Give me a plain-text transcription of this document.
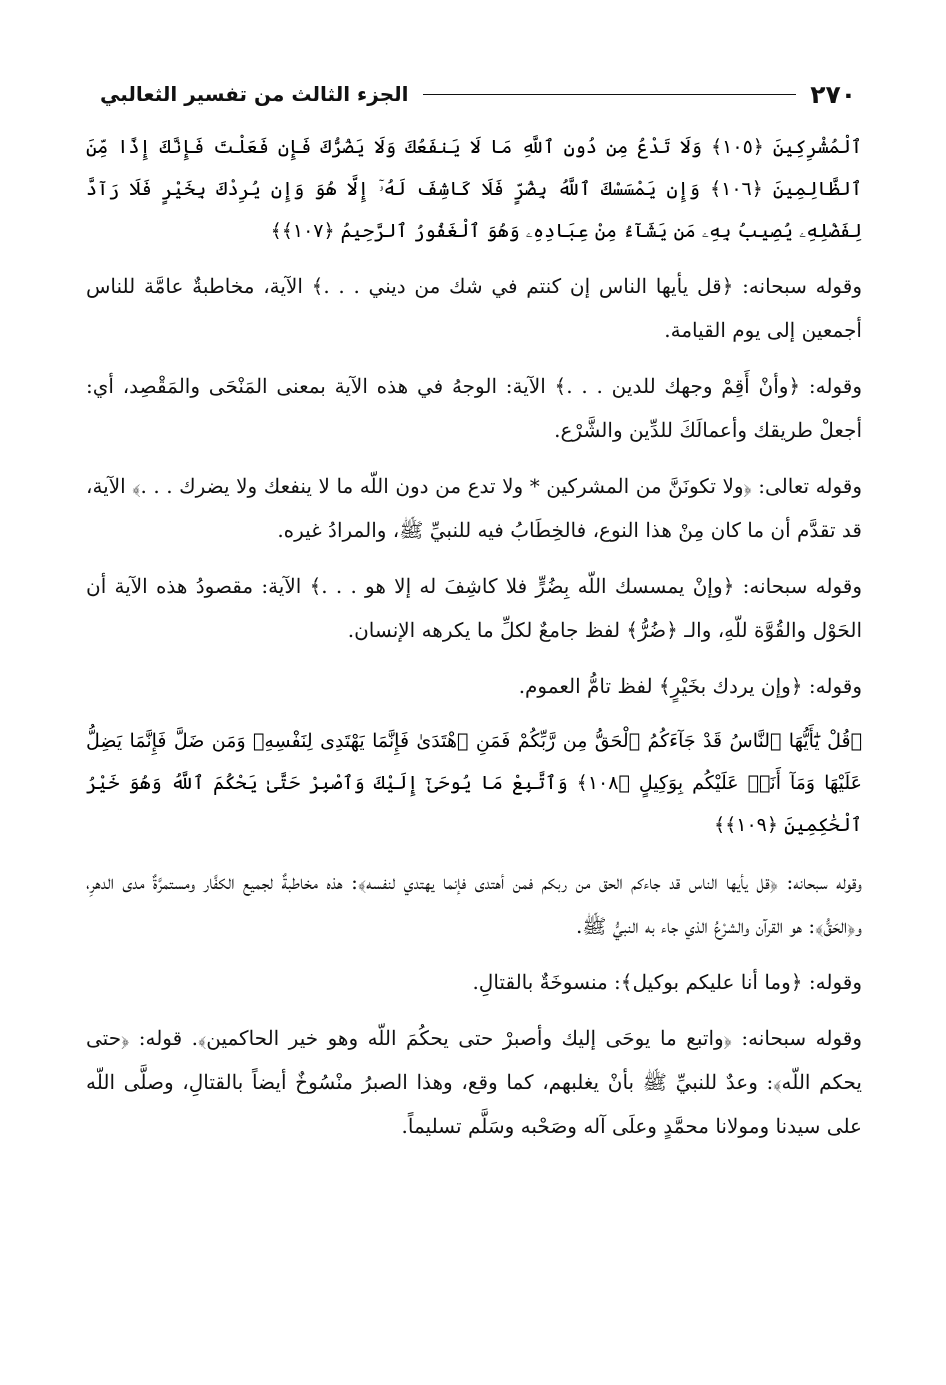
٢٧٠
الجزء الثالث من تفسير الثعالبي

ٱلْمُشْرِكِينَ ﴿١٠٥﴾ وَلَا تَدْعُ مِن دُونِ ٱللَّهِ مَا لَا يَنفَعُكَ وَلَا يَضُرُّكَ فَإِن فَعَلْتَ فَإِنَّكَ إِذًا مِّنَ ٱلظَّالِمِينَ ﴿١٠٦﴾ وَإِن يَمْسَسْكَ ٱللَّهُ بِضُرٍّ فَلَا كَاشِفَ لَهُۥٓ إِلَّا هُوَ وَإِن يُرِدْكَ بِخَيْرٍ فَلَا رَآدَّ لِفَضْلِهِۦ يُصِيبُ بِهِۦ مَن يَشَآءُ مِنْ عِبَادِهِۦ وَهُوَ ٱلْغَفُورُ ٱلرَّحِيمُ ﴿١٠٧﴾﴾

وقوله سبحانه: ﴿قل يأيها الناس إن كنتم في شك من ديني . . .﴾ الآية، مخاطبةٌ عامَّة للناس أجمعين إلى يوم القيامة.

وقوله: ﴿وأنْ أَقِمْ وجهك للدين . . .﴾ الآية: الوجهُ في هذه الآية بمعنى المَنْحَى والمَقْصِد، أي: أجعلْ طريقك وأعمالَكَ للدِّين والشَّرْع.

وقوله تعالى: ﴿ولا تكونَنَّ من المشركين * ولا تدع من دون اللّه ما لا ينفعك ولا يضرك . . .﴾ الآية، قد تقدَّم أن ما كان مِنْ هذا النوع، فالخِطَابُ فيه للنبيِّ ﷺ، والمرادُ غيره.

وقوله سبحانه: ﴿وإنْ يمسسك اللّه بِضُرٍّ فلا كاشِفَ له إلا هو . . .﴾ الآية: مقصودُ هذه الآية أن الحَوْل والقُوَّة للّهِ، والـ ﴿ضُرُّ﴾ لفظ جامعٌ لكلِّ ما يكرهه الإنسان.

وقوله: ﴿وإن يردك بخَيْرٍ﴾ لفظ تامُّ العموم.

﴿قُلْ يَٰٓأَيُّهَا ٱلنَّاسُ قَدْ جَآءَكُمُ ٱلْحَقُّ مِن رَّبِّكُمْ فَمَنِ ٱهْتَدَىٰ فَإِنَّمَا يَهْتَدِى لِنَفْسِهِۦ وَمَن ضَلَّ فَإِنَّمَا يَضِلُّ عَلَيْهَا وَمَآ أَنَا۠ عَلَيْكُم بِوَكِيلٍ ﴿١٠٨﴾ وَٱتَّبِعْ مَا يُوحَىٰٓ إِلَيْكَ وَٱصْبِرْ حَتَّىٰ يَحْكُمَ ٱللَّهُ وَهُوَ خَيْرُ ٱلْحَٰكِمِينَ ﴿١٠٩﴾﴾

وقوله سبحانه: ﴿قل يأيها الناس قد جاءكم الحق من ربكم فمن أهتدى فإنما يهتدي لنفسه﴾: هذه مخاطبةٌ لجميع الكفَّار ومستمرَّةٌ مدى الدهرِ، و﴿الحَقُّ﴾: هو القرآن والشرْعُ الذي جاء به النبيُّ ﷺ.

وقوله: ﴿وما أنا عليكم بوكيل﴾: منسوخَةٌ بالقتالِ.

وقوله سبحانه: ﴿واتبع ما يوحَى إليك وأصبرْ حتى يحكُمَ اللّه وهو خير الحاكمين﴾. قوله: ﴿حتى يحكم اللّه﴾: وعدٌ للنبيِّ ﷺ بأنْ يغلبهم، كما وقع، وهذا الصبرُ منْسُوخٌ أيضاً بالقتالِ، وصلَّى اللّه على سيدنا ومولانا محمَّدٍ وعلَى آله وصَحْبه وسَلَّم تسليماً.
